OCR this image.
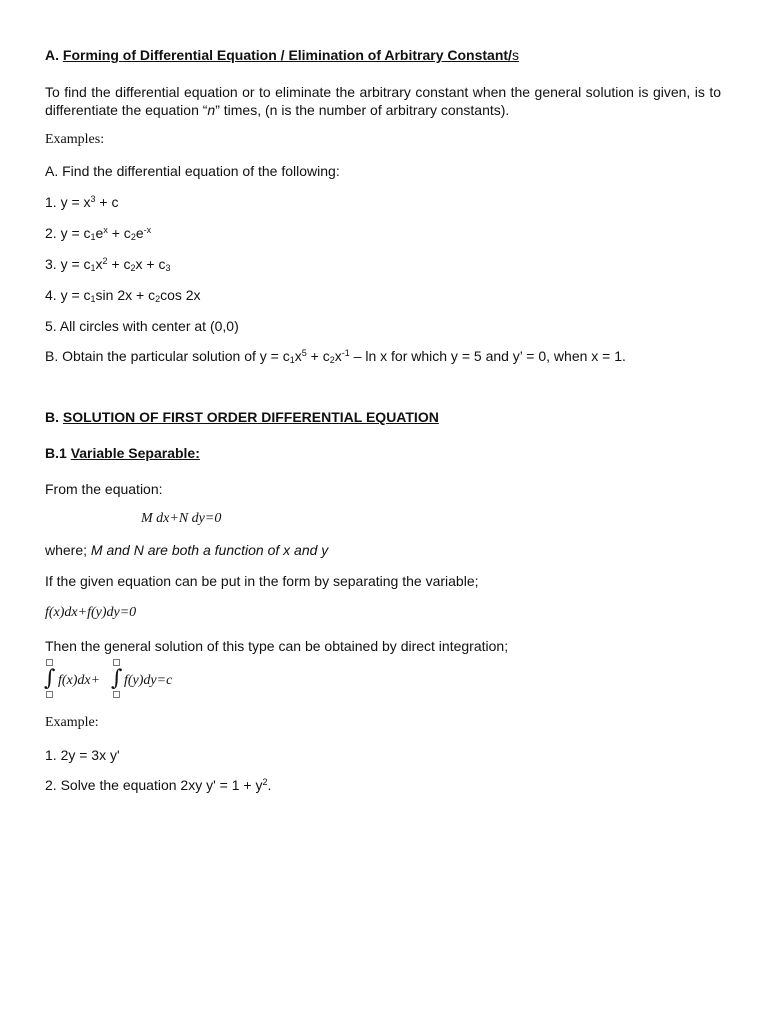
A. Forming of Differential Equation / Elimination of Arbitrary Constant/s
To find the differential equation or to eliminate the arbitrary constant when the general solution is given, is to differentiate the equation “n” times, (n is the number of arbitrary constants).
Examples:
A. Find the differential equation of the following:
1. $y = x^3 + c$
2. $y = c_1e^x + c_2e^{-x}$
3. $y = c_1x^2 + c_2x + c_3$
4. $y = c_1\sin$ $2x + c_2\cos$ 2x
5. All circles with center at (0,0)
B. Obtain the particular solution of $y = c_1x^5 + c_2x^{-1} - \ln x$ for which y = 5 and y’ = 0, when x = 1.
B. SOLUTION OF FIRST ORDER DIFFERENTIAL EQUATION
B.1 Variable Separable:
From the equation:
M dx+N dy=0
where; M and N are both a function of x and y
If the given equation can be put in the form by separating the variable;
f(x)dx+f(y)dy=0
Then the general solution of this type can be obtained by direct integration;
∫ f(x)dx+ ∫ f(y)dy=c
Example:
1. 2y = 3x y'
2. Solve the equation 2xy $y' = 1 + y^2$.
